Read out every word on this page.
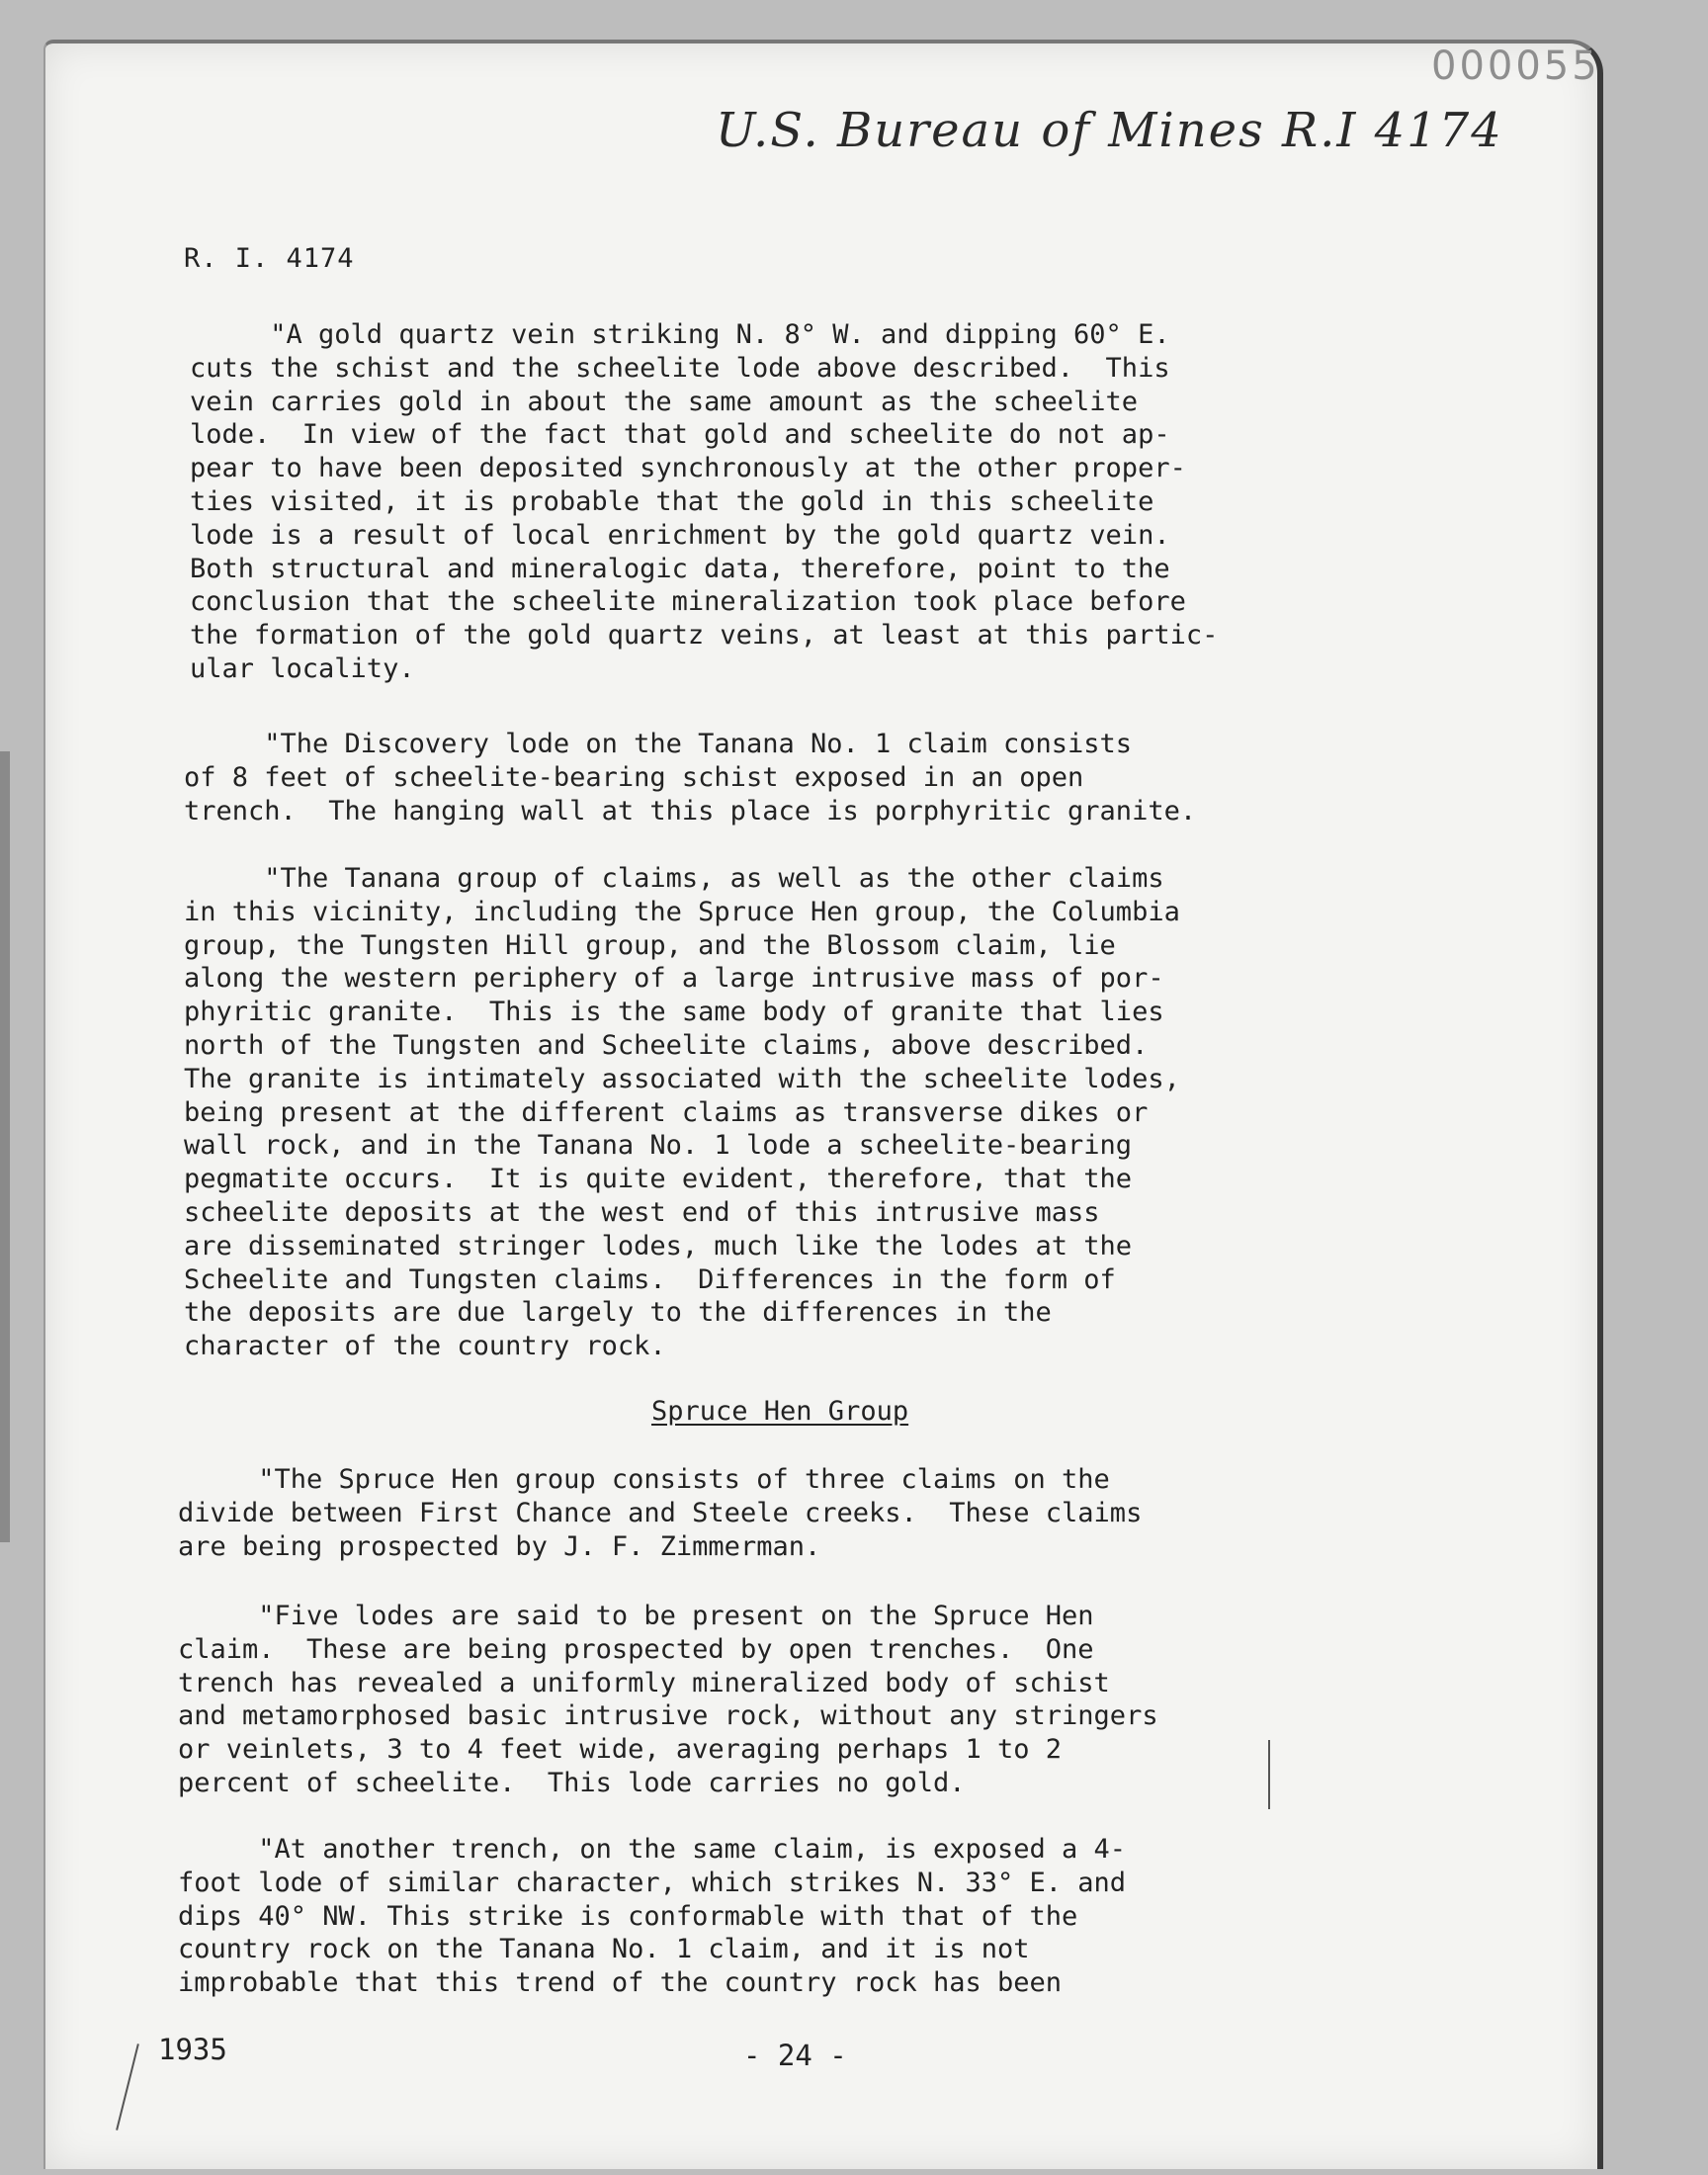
000055
U.S. Bureau of Mines R.I 4174
R. I. 4174
"A gold quartz vein striking N. 8° W. and dipping 60° E.
cuts the schist and the scheelite lode above described.  This
vein carries gold in about the same amount as the scheelite
lode.  In view of the fact that gold and scheelite do not ap-
pear to have been deposited synchronously at the other proper-
ties visited, it is probable that the gold in this scheelite
lode is a result of local enrichment by the gold quartz vein.
Both structural and mineralogic data, therefore, point to the
conclusion that the scheelite mineralization took place before
the formation of the gold quartz veins, at least at this partic-
ular locality.
"The Discovery lode on the Tanana No. 1 claim consists
of 8 feet of scheelite-bearing schist exposed in an open
trench.  The hanging wall at this place is porphyritic granite.
"The Tanana group of claims, as well as the other claims
in this vicinity, including the Spruce Hen group, the Columbia
group, the Tungsten Hill group, and the Blossom claim, lie
along the western periphery of a large intrusive mass of por-
phyritic granite.  This is the same body of granite that lies
north of the Tungsten and Scheelite claims, above described.
The granite is intimately associated with the scheelite lodes,
being present at the different claims as transverse dikes or
wall rock, and in the Tanana No. 1 lode a scheelite-bearing
pegmatite occurs.  It is quite evident, therefore, that the
scheelite deposits at the west end of this intrusive mass
are disseminated stringer lodes, much like the lodes at the
Scheelite and Tungsten claims.  Differences in the form of
the deposits are due largely to the differences in the
character of the country rock.
Spruce Hen Group
"The Spruce Hen group consists of three claims on the
divide between First Chance and Steele creeks.  These claims
are being prospected by J. F. Zimmerman.
"Five lodes are said to be present on the Spruce Hen
claim.  These are being prospected by open trenches.  One
trench has revealed a uniformly mineralized body of schist
and metamorphosed basic intrusive rock, without any stringers
or veinlets, 3 to 4 feet wide, averaging perhaps 1 to 2
percent of scheelite.  This lode carries no gold.
"At another trench, on the same claim, is exposed a 4-
foot lode of similar character, which strikes N. 33° E. and
dips 40° NW. This strike is conformable with that of the
country rock on the Tanana No. 1 claim, and it is not
improbable that this trend of the country rock has been
1935	- 24 -
